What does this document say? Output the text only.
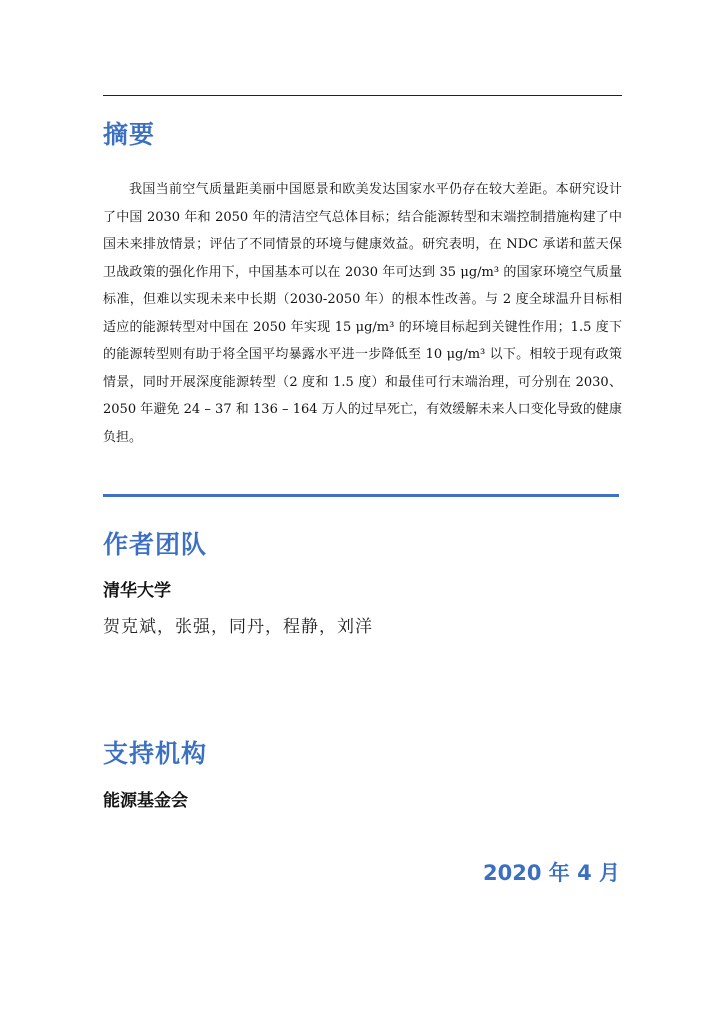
摘要

我国当前空气质量距美丽中国愿景和欧美发达国家水平仍存在较大差距。本研究设计了中国 2030 年和 2050 年的清洁空气总体目标；结合能源转型和末端控制措施构建了中国未来排放情景；评估了不同情景的环境与健康效益。研究表明，在 NDC 承诺和蓝天保卫战政策的强化作用下，中国基本可以在 2030 年可达到 35 μg/m³ 的国家环境空气质量标准，但难以实现未来中长期（2030-2050 年）的根本性改善。与 2 度全球温升目标相适应的能源转型对中国在 2050 年实现 15 μg/m³ 的环境目标起到关键性作用；1.5 度下的能源转型则有助于将全国平均暴露水平进一步降低至 10 μg/m³ 以下。相较于现有政策情景，同时开展深度能源转型（2 度和 1.5 度）和最佳可行末端治理，可分别在 2030、2050 年避免 24 – 37 和 136 – 164 万人的过早死亡，有效缓解未来人口变化导致的健康负担。

作者团队
清华大学

贺克斌，张强，同丹，程静，刘洋

支持机构
能源基金会

2020 年 4 月
